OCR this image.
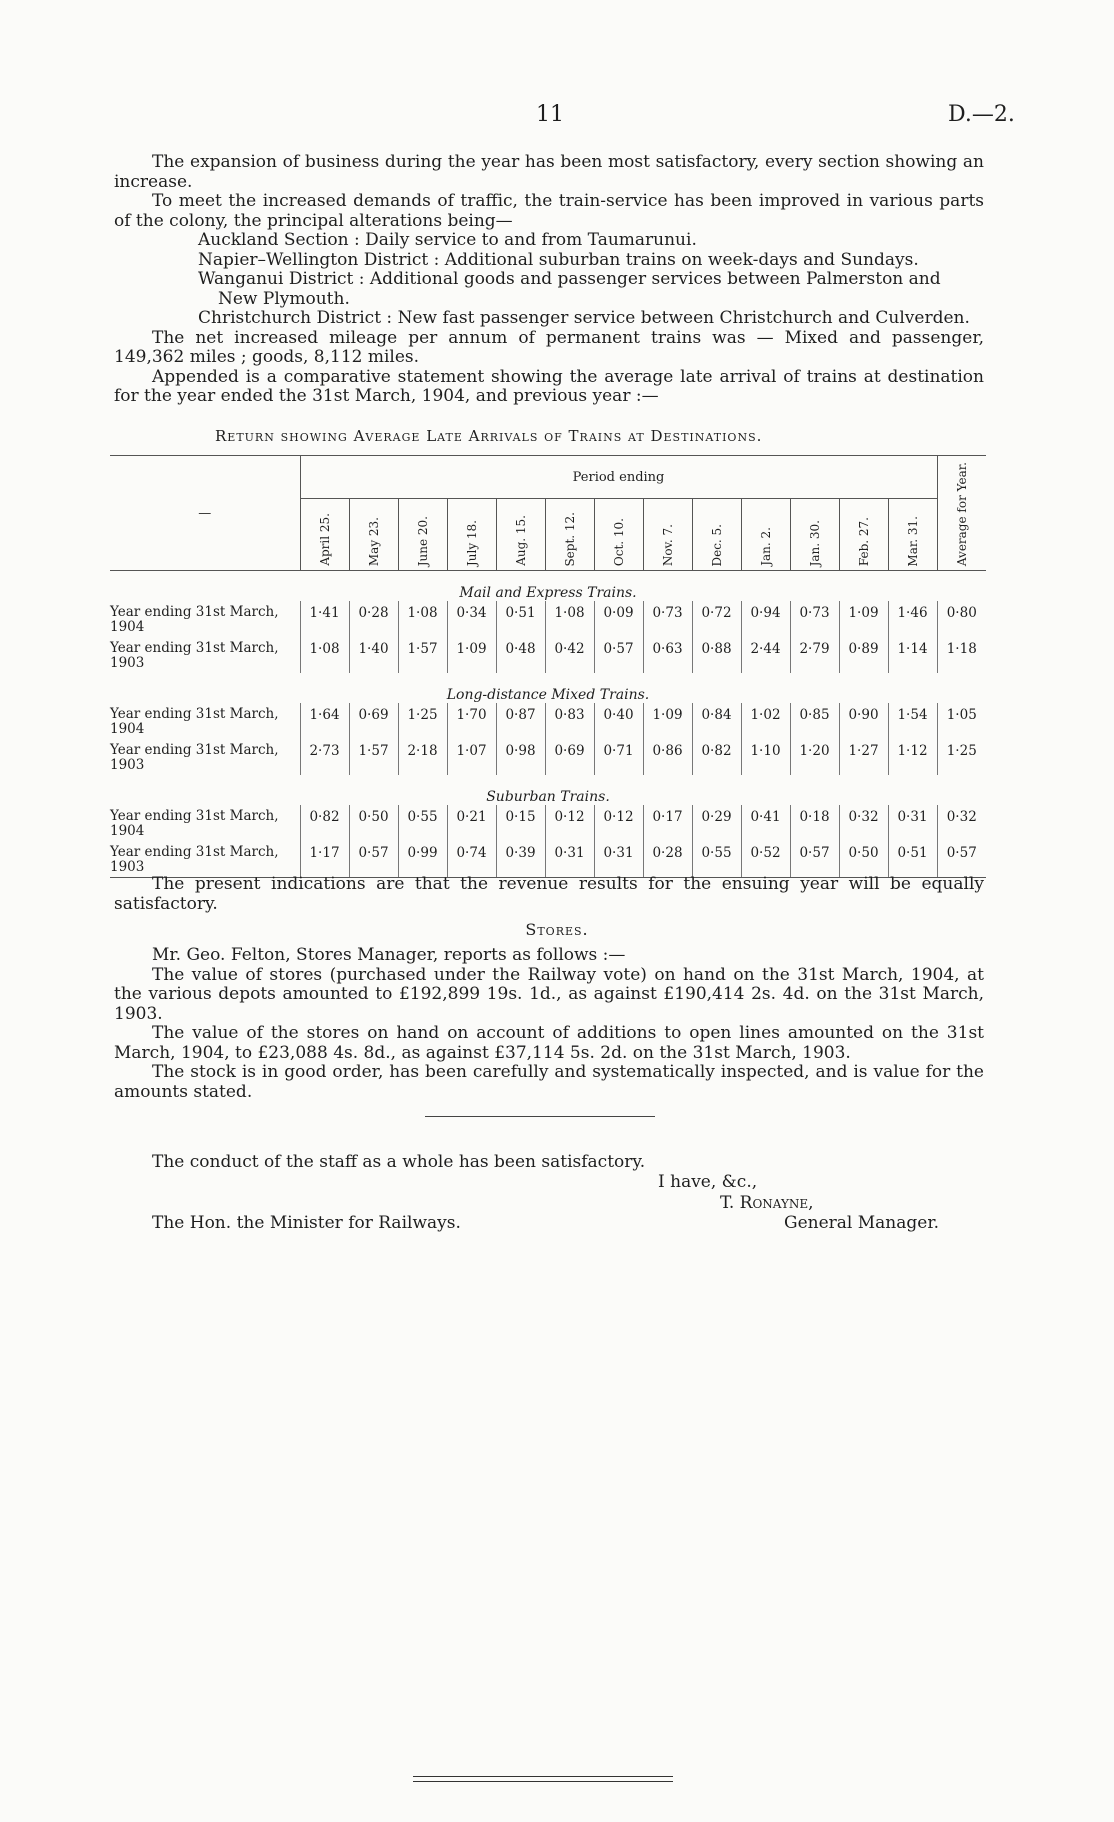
11	D.—2.

The expansion of business during the year has been most satisfactory, every section showing an increase.

To meet the increased demands of traffic, the train-service has been improved in various parts of the colony, the principal alterations being—

Auckland Section : Daily service to and from Taumarunui.

Napier–Wellington District : Additional suburban trains on week-days and Sundays.

Wanganui District : Additional goods and passenger services between Palmerston and New Plymouth.

Christchurch District : New fast passenger service between Christchurch and Culverden.

The net increased mileage per annum of permanent trains was — Mixed and passenger, 149,362 miles ; goods, 8,112 miles.

Appended is a comparative statement showing the average late arrival of trains at destination for the year ended the 31st March, 1904, and previous year :—

Return showing Average Late Arrivals of Trains at Destinations.
—	Period ending													Average for Year.
	April 25.	May 23.	June 20.	July 18.	Aug. 15.	Sept. 12.	Oct. 10.	Nov. 7.	Dec. 5.	Jan. 2.	Jan. 30.	Feb. 27.	Mar. 31.	
Mail and Express Trains.														
Year ending 31st March, 1904	1·41	0·28	1·08	0·34	0·51	1·08	0·09	0·73	0·72	0·94	0·73	1·09	1·46	0·80
Year ending 31st March, 1903	1·08	1·40	1·57	1·09	0·48	0·42	0·57	0·63	0·88	2·44	2·79	0·89	1·14	1·18
Long-distance Mixed Trains.														
Year ending 31st March, 1904	1·64	0·69	1·25	1·70	0·87	0·83	0·40	1·09	0·84	1·02	0·85	0·90	1·54	1·05
Year ending 31st March, 1903	2·73	1·57	2·18	1·07	0·98	0·69	0·71	0·86	0·82	1·10	1·20	1·27	1·12	1·25
Suburban Trains.														
Year ending 31st March, 1904	0·82	0·50	0·55	0·21	0·15	0·12	0·12	0·17	0·29	0·41	0·18	0·32	0·31	0·32
Year ending 31st March, 1903	1·17	0·57	0·99	0·74	0·39	0·31	0·31	0·28	0·55	0·52	0·57	0·50	0·51	0·57

The present indications are that the revenue results for the ensuing year will be equally satisfactory.

Stores.

Mr. Geo. Felton, Stores Manager, reports as follows :—

The value of stores (purchased under the Railway vote) on hand on the 31st March, 1904, at the various depots amounted to £192,899 19s. 1d., as against £190,414 2s. 4d. on the 31st March, 1903.

The value of the stores on hand on account of additions to open lines amounted on the 31st March, 1904, to £23,088 4s. 8d., as against £37,114 5s. 2d. on the 31st March, 1903.

The stock is in good order, has been carefully and systematically inspected, and is value for the amounts stated.

The conduct of the staff as a whole has been satisfactory.
I have, &c.,
T. Ronayne,
General Manager.
The Hon. the Minister for Railways.
